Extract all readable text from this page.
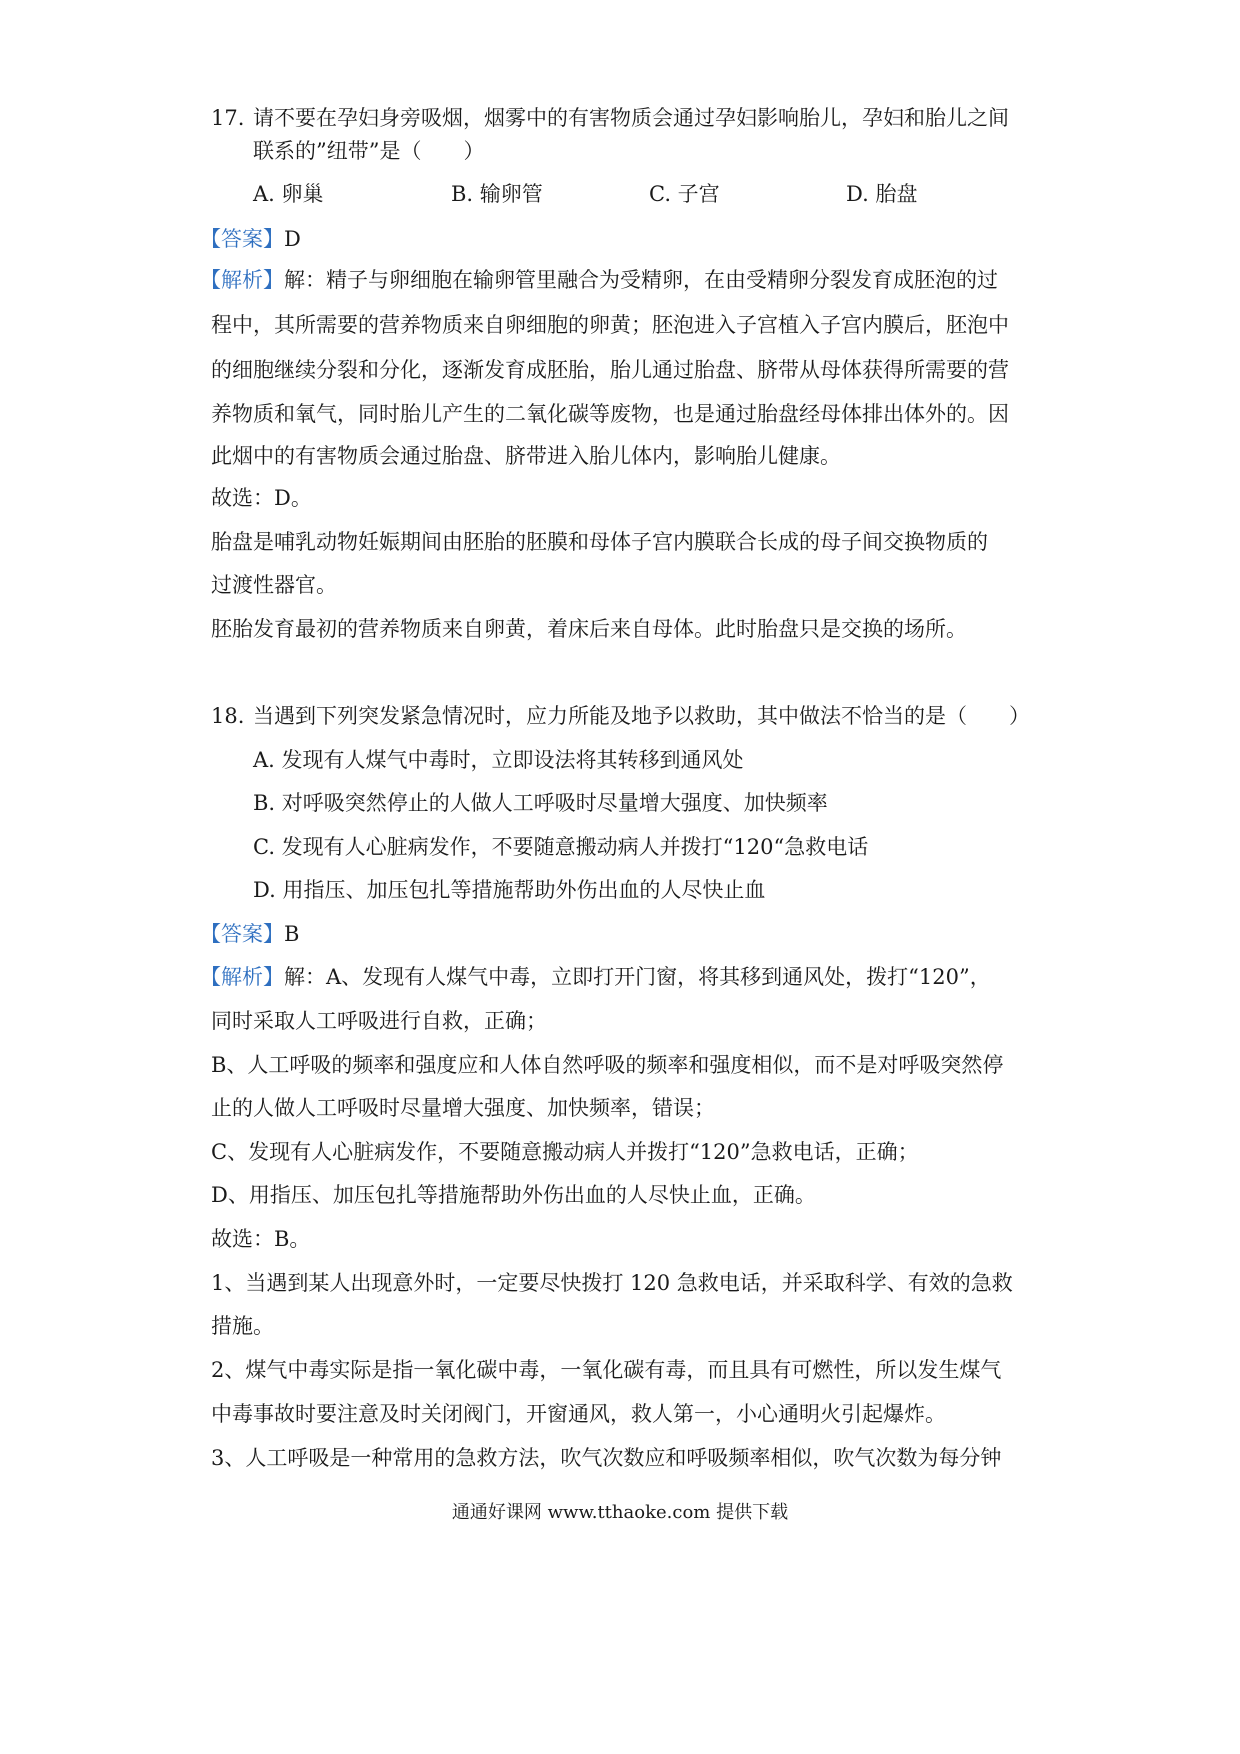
17. 请不要在孕妇身旁吸烟，烟雾中的有害物质会通过孕妇影响胎儿，孕妇和胎儿之间
联系的”纽带”是（　　）
A. 卵巢	B. 输卵管	C. 子宫	D. 胎盘
【答案】D
【解析】解：精子与卵细胞在输卵管里融合为受精卵，在由受精卵分裂发育成胚泡的过
程中，其所需要的营养物质来自卵细胞的卵黄；胚泡进入子宫植入子宫内膜后，胚泡中
的细胞继续分裂和分化，逐渐发育成胚胎，胎儿通过胎盘、脐带从母体获得所需要的营
养物质和氧气，同时胎儿产生的二氧化碳等废物，也是通过胎盘经母体排出体外的。因
此烟中的有害物质会通过胎盘、脐带进入胎儿体内，影响胎儿健康。
故选：D。
胎盘是哺乳动物妊娠期间由胚胎的胚膜和母体子宫内膜联合长成的母子间交换物质的
过渡性器官。
胚胎发育最初的营养物质来自卵黄，着床后来自母体。此时胎盘只是交换的场所。
18. 当遇到下列突发紧急情况时，应力所能及地予以救助，其中做法不恰当的是（　　）
A. 发现有人煤气中毒时，立即设法将其转移到通风处
B. 对呼吸突然停止的人做人工呼吸时尽量增大强度、加快频率
C. 发现有人心脏病发作，不要随意搬动病人并拨打“120“急救电话
D. 用指压、加压包扎等措施帮助外伤出血的人尽快止血
【答案】B
【解析】解：A、发现有人煤气中毒，立即打开门窗，将其移到通风处，拨打“120”，
同时采取人工呼吸进行自救，正确；
B、人工呼吸的频率和强度应和人体自然呼吸的频率和强度相似，而不是对呼吸突然停
止的人做人工呼吸时尽量增大强度、加快频率，错误；
C、发现有人心脏病发作，不要随意搬动病人并拨打“120”急救电话，正确；
D、用指压、加压包扎等措施帮助外伤出血的人尽快止血，正确。
故选：B。
1、当遇到某人出现意外时，一定要尽快拨打 120 急救电话，并采取科学、有效的急救
措施。
2、煤气中毒实际是指一氧化碳中毒，一氧化碳有毒，而且具有可燃性，所以发生煤气
中毒事故时要注意及时关闭阀门，开窗通风，救人第一，小心通明火引起爆炸。
3、人工呼吸是一种常用的急救方法，吹气次数应和呼吸频率相似，吹气次数为每分钟
通通好课网 www.tthaoke.com 提供下载
